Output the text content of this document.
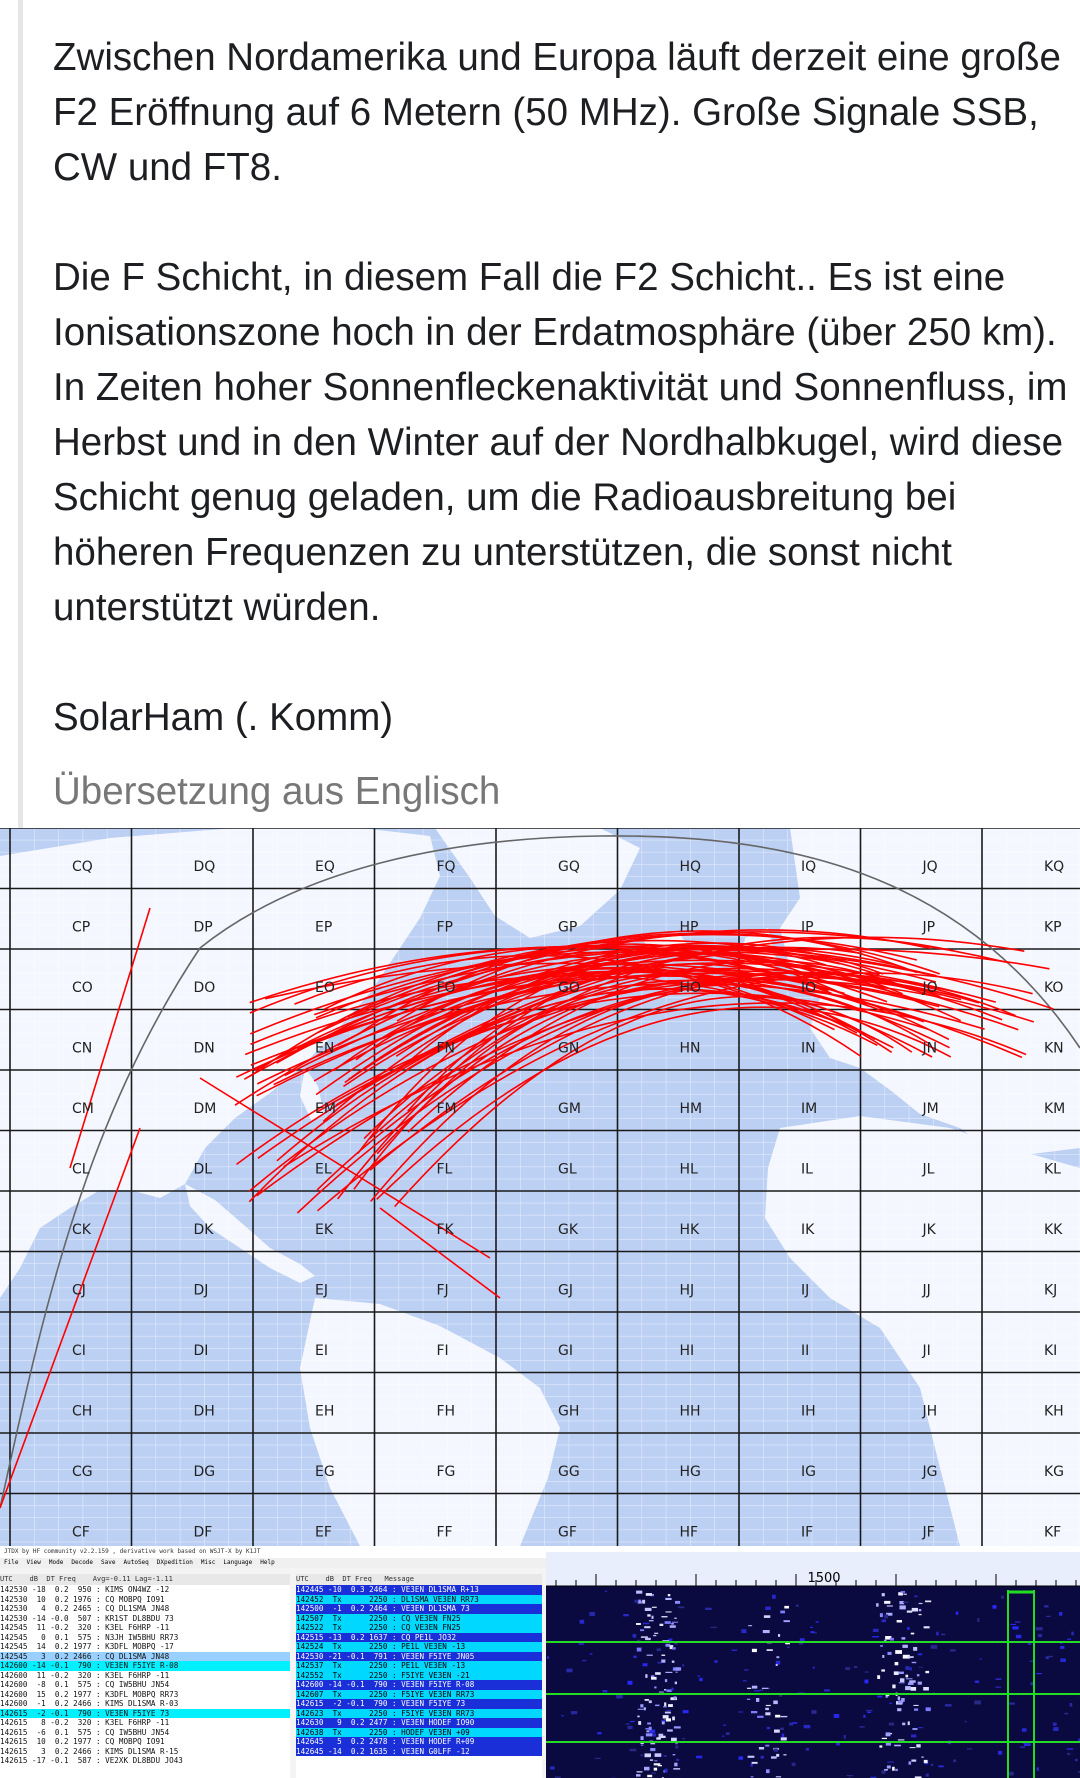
Zwischen Nordamerika und Europa läuft derzeit eine große F2 Eröffnung auf 6 Metern (50 MHz). Große Signale SSB, CW und FT8.

Die F Schicht, in diesem Fall die F2 Schicht.. Es ist eine Ionisationszone hoch in der Erdatmosphäre (über 250 km). In Zeiten hoher Sonnenfleckenaktivität und Sonnenfluss, im Herbst und in den Winter auf der Nordhalbkugel, wird diese Schicht genug geladen, um die Radioausbreitung bei höheren Frequenzen zu unterstützen, die sonst nicht unterstützt würden.

SolarHam (. Komm)

Übersetzung aus Englisch
CQ	DQ	EQ	FQ	GQ	HQ	IQ	JQ	KQ
CP	DP	EP	FP	GP	HP	IP	JP	KP
CO	DO	EO	FO	GO	HO	IO	JO	KO
CN	DN	EN	FN	GN	HN	IN	JN	KN
CM	DM	EM	FM	GM	HM	IM	JM	KM
CL	DL	EL	FL	GL	HL	IL	JL	KL
CK	DK	EK	FK	GK	HK	IK	JK	KK
CJ	DJ	EJ	FJ	GJ	HJ	IJ	JJ	KJ
CI	DI	EI	FI	GI	HI	II	JI	KI
CH	DH	EH	FH	GH	HH	IH	JH	KH
CG	DG	EG	FG	GG	HG	IG	JG	KG
CF	DF	EF	FF	GF	HF	IF	JF	KF
JTDX by HF community v2.2.159 , derivative work based on WSJT-X by K1JT
File View Mode Decode Save AutoSeq DXpedition Misc Language Help
UTC    dB  DT Freq    Avg=-0.11 Lag=-1.11
142530 -18  0.2  950 : KIMS ON4WZ -12
142530  10  0.2 1976 : CQ MOBPQ IO91
142530   4  0.2 2465 : CQ DL1SMA JN48
142530 -14 -0.0  507 : KR1ST DL8BDU 73
142545  11 -0.2  320 : K3EL F6HRP -11
142545   0  0.1  575 : N3JH IW5BHU RR73
142545  14  0.2 1977 : K3DFL MOBPQ -17
142545   3  0.2 2466 : CQ DL1SMA JN48
142600 -14 -0.1  790 : VE3EN F5IYE R-08
142600  11 -0.2  320 : K3EL F6HRP -11
142600  -8  0.1  575 : CQ IW5BHU JN54
142600  15  0.2 1977 : K3DFL MOBPQ RR73
142600  -1  0.2 2466 : KIMS DL1SMA R-03
142615  -2 -0.1  790 : VE3EN F5IYE 73
142615   8 -0.2  320 : K3EL F6HRP -11
142615  -6  0.1  575 : CQ IW5BHU JN54
142615  10  0.2 1977 : CQ MOBPQ IO91
142615   3  0.2 2466 : KIMS DL1SMA R-15
142615 -17 -0.1  587 : VE2XK DL8BDU JO43
UTC    dB  DT Freq   Message
142445 -10  0.3 2464 : VE3EN DL1SMA R+13
142452  Tx      2250 : DL1SMA VE3EN RR73
142500  -1  0.2 2464 : VE3EN DL1SMA 73
142507  Tx      2250 : CQ VE3EN FN25
142522  Tx      2250 : CQ VE3EN FN25
142515 -13  0.2 1637 : CQ PE1L JO32
142524  Tx      2250 : PE1L VE3EN -13
142530 -21 -0.1  791 : VE3EN F5IYE JN05
142537  Tx      2250 : PE1L VE3EN -13
142552  Tx      2250 : F5IYE VE3EN -21
142600 -14 -0.1  790 : VE3EN F5IYE R-08
142607  Tx      2250 : F5IYE VE3EN RR73
142615  -2 -0.1  790 : VE3EN F5IYE 73
142623  Tx      2250 : F5IYE VE3EN RR73
142630   9  0.2 2477 : VE3EN HODEF IO90
142638  Tx      2250 : HODEF VE3EN +09
142645   5  0.2 2478 : VE3EN HODEF R+09
142645 -14  0.2 1635 : VE3EN G0LFF -12
1500
